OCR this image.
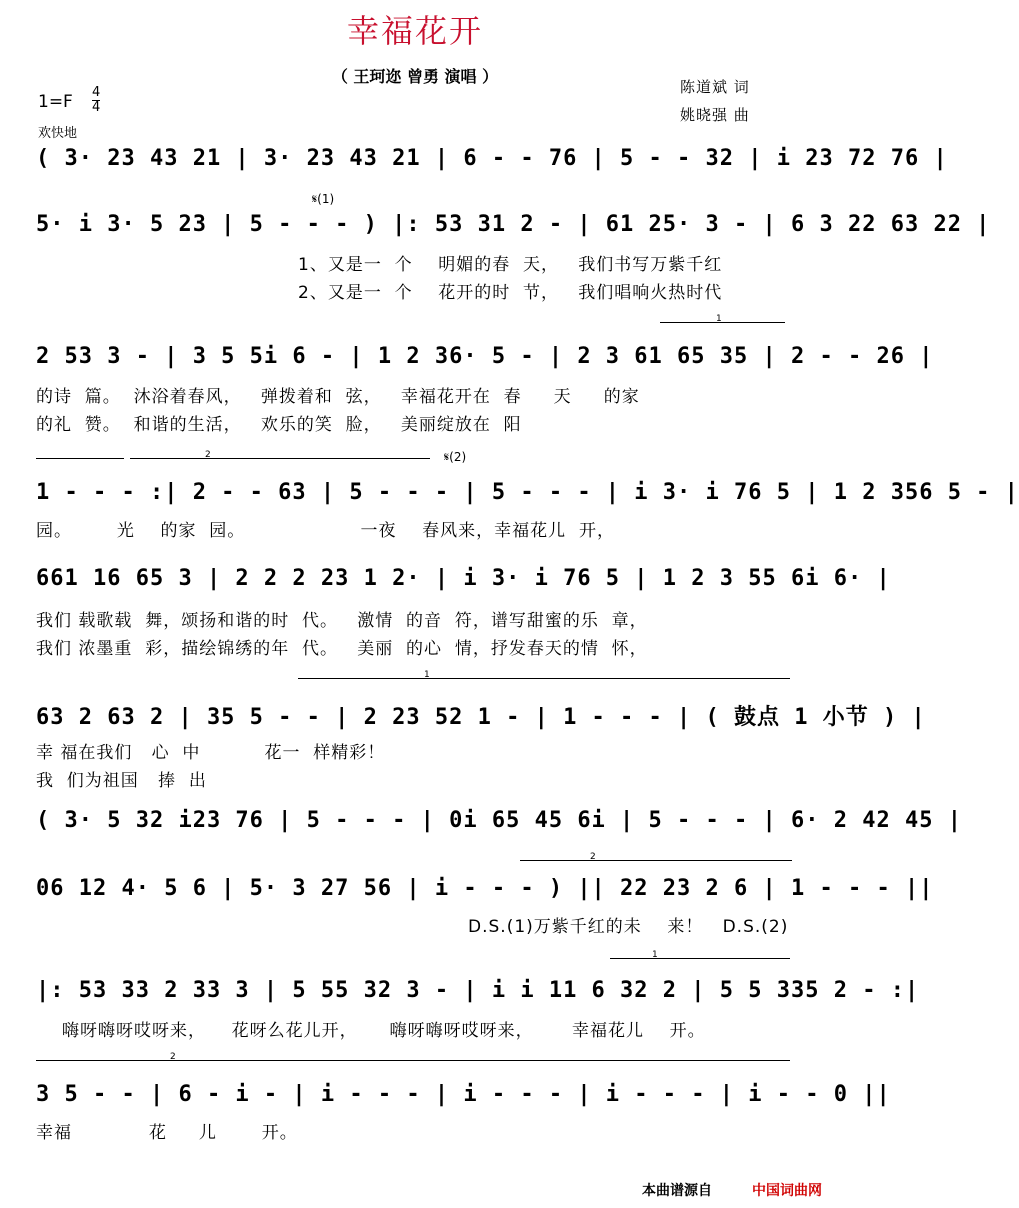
幸福花开
（ 王珂迩 曾勇 演唱 ）
1=F 4
4
欢快地
陈道斌 词
姚晓强 曲
( 3· 23 43 21 | 3· 23 43 21 | 6 - - 76 | 5 - - 32 | i 23 72 76 |
𝄋(1)
5· i 3· 5 23 | 5 - - - ) |: 53 31 2 - | 61 25· 3 - | 6 3 22 63 22 |
1、又是一  个    明媚的春  天，   我们书写万紫千红
2、又是一  个    花开的时  节，   我们唱响火热时代
1
2 53 3 - | 3 5 5i 6 - | 1 2 36· 5 - | 2 3 61 65 35 | 2 - - 26 |
的诗  篇。  沐浴着春风，   弹拨着和  弦，   幸福花开在  春     天     的家
的礼  赞。  和谐的生活，   欢乐的笑  脸，   美丽绽放在  阳
2	𝄋(2)
1 - - - :| 2 - - 63 | 5 - - - | 5 - - - | i 3· i 76 5 | 1 2 356 5 - |
园。       光    的家  园。                  一夜    春风来，幸福花儿  开，
661 16 65 3 | 2 2 2 23 1 2· | i 3· i 76 5 | 1 2 3 55 6i 6· |
我们 载歌载  舞，颂扬和谐的时  代。   激情  的音  符，谱写甜蜜的乐  章，
我们 浓墨重  彩，描绘锦绣的年  代。   美丽  的心  情，抒发春天的情  怀，
1
63 2 63 2 | 35 5 - - | 2 23 52 1 - | 1 - - - | ( 鼓点 1 小节 ) |
幸 福在我们   心  中          花一  样精彩！
我  们为祖国   捧  出
( 3· 5 32 i23 76 | 5 - - - | 0i 65 45 6i | 5 - - - | 6· 2 42 45 |
2
06 12 4· 5 6 | 5· 3 27 56 | i - - - ) || 22 23 2 6 | 1 - - - ||
D.S.(1)万紫千红的未    来！   D.S.(2)
1
|: 53 33 2 33 3 | 5 55 32 3 - | i i 11 6 32 2 | 5 5 335 2 - :|
嗨呀嗨呀哎呀来，    花呀么花儿开，     嗨呀嗨呀哎呀来，      幸福花儿    开。
2
3 5 - - | 6 - i - | i - - - | i - - - | i - - - | i - - 0 ||
幸福            花     儿       开。
本曲谱源自	中国词曲网
